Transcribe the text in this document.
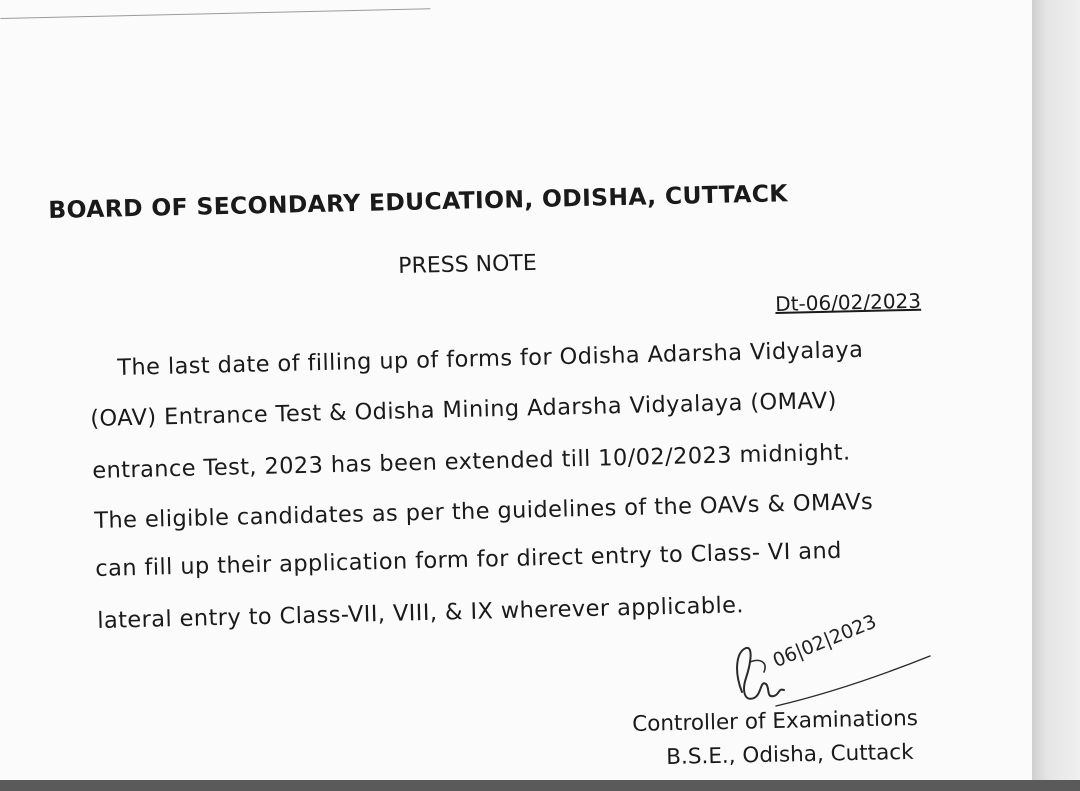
BOARD OF SECONDARY EDUCATION, ODISHA, CUTTACK
PRESS NOTE
Dt-06/02/2023
The last date of filling up of forms for Odisha Adarsha Vidyalaya
(OAV) Entrance Test & Odisha Mining Adarsha Vidyalaya (OMAV)
entrance Test, 2023 has been extended till 10/02/2023 midnight.
The eligible candidates as per the guidelines of the OAVs & OMAVs
can fill up their application form for direct entry to Class- VI and
lateral entry to Class-VII, VIII, & IX wherever applicable. 06|02|2023
Controller of Examinations
B.S.E., Odisha, Cuttack
